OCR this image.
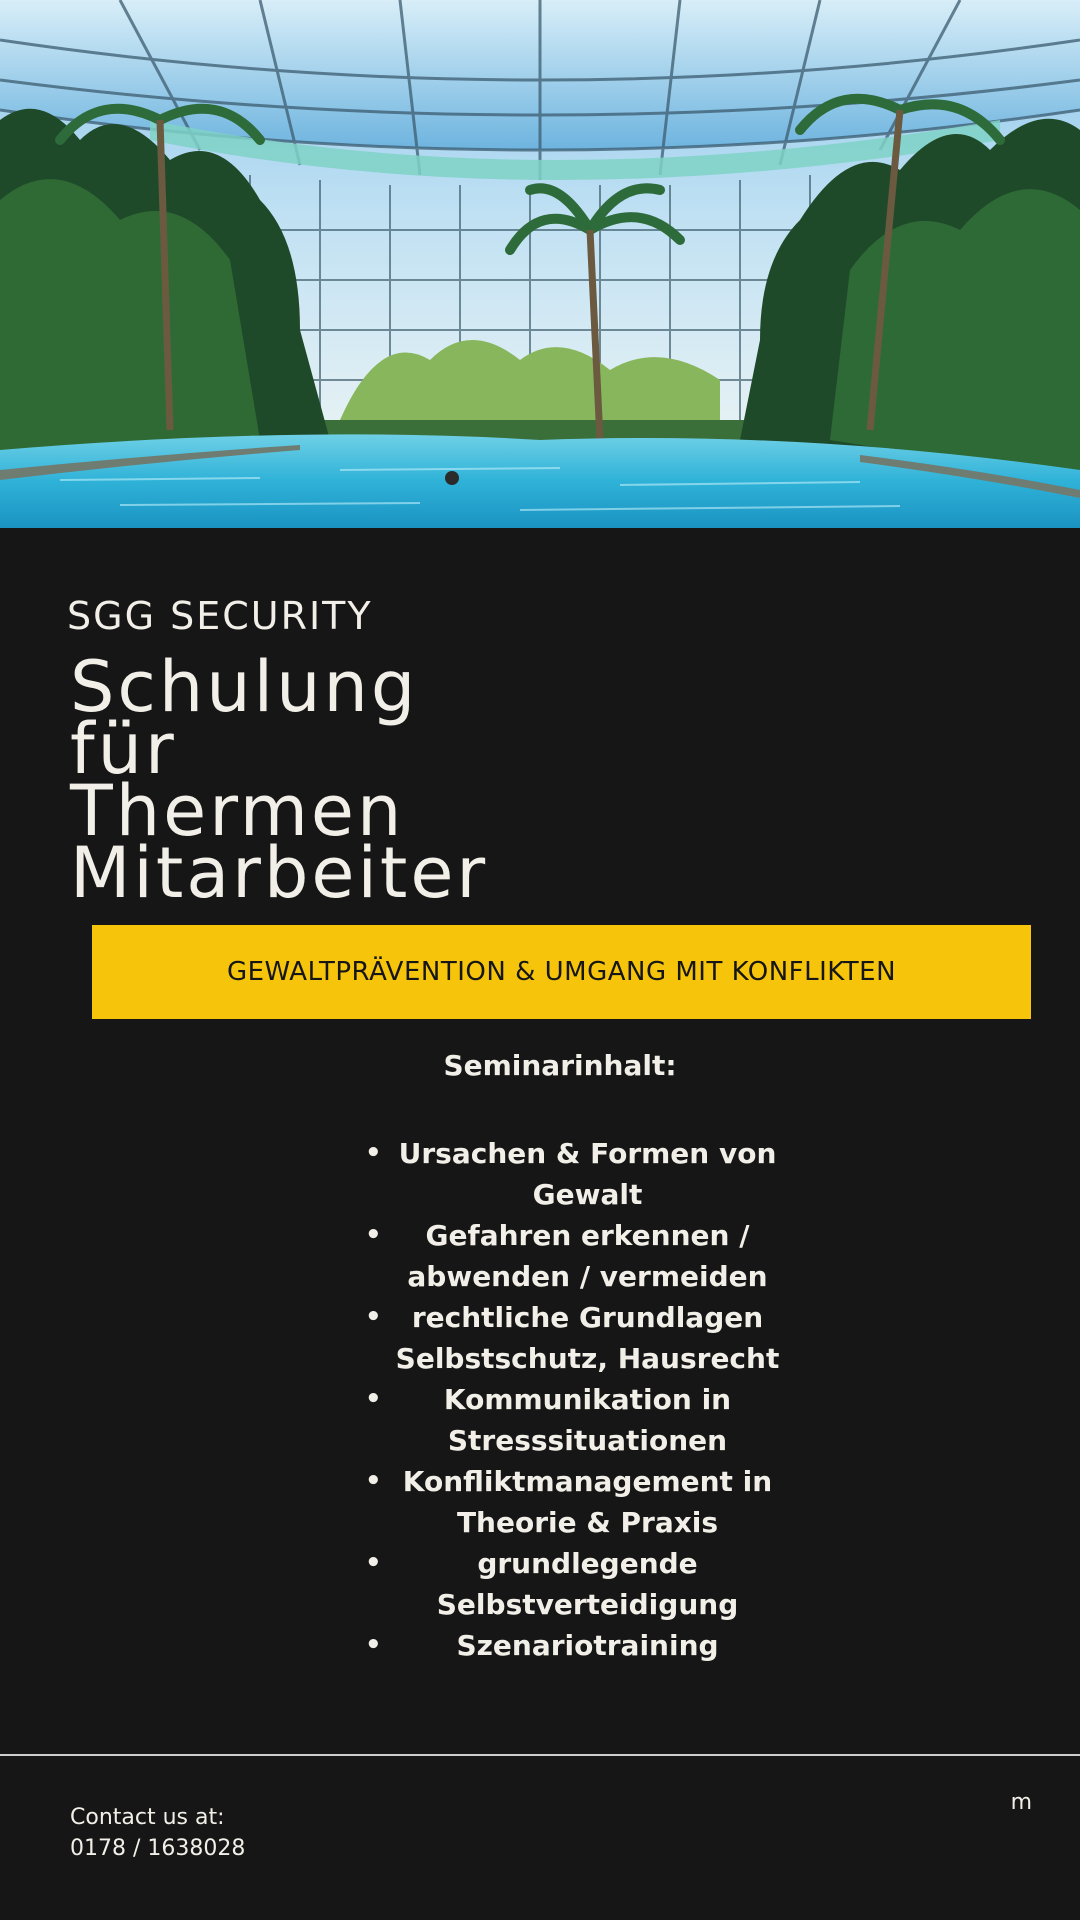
SGG SECURITY
Schulung
für
Thermen
Mitarbeiter
GEWALTPRÄVENTION & UMGANG MIT KONFLIKTEN
Seminarinhalt:
• Ursachen & Formen von Gewalt
•	Gefahren erkennen / abwenden / vermeiden
•	rechtliche Grundlagen Selbstschutz, Hausrecht
•	Kommunikation in Stresssituationen
• Konfliktmanagement in Theorie & Praxis
•	grundlegende Selbstverteidigung
•	Szenariotraining
Contact us at:
0178 / 1638028
m
